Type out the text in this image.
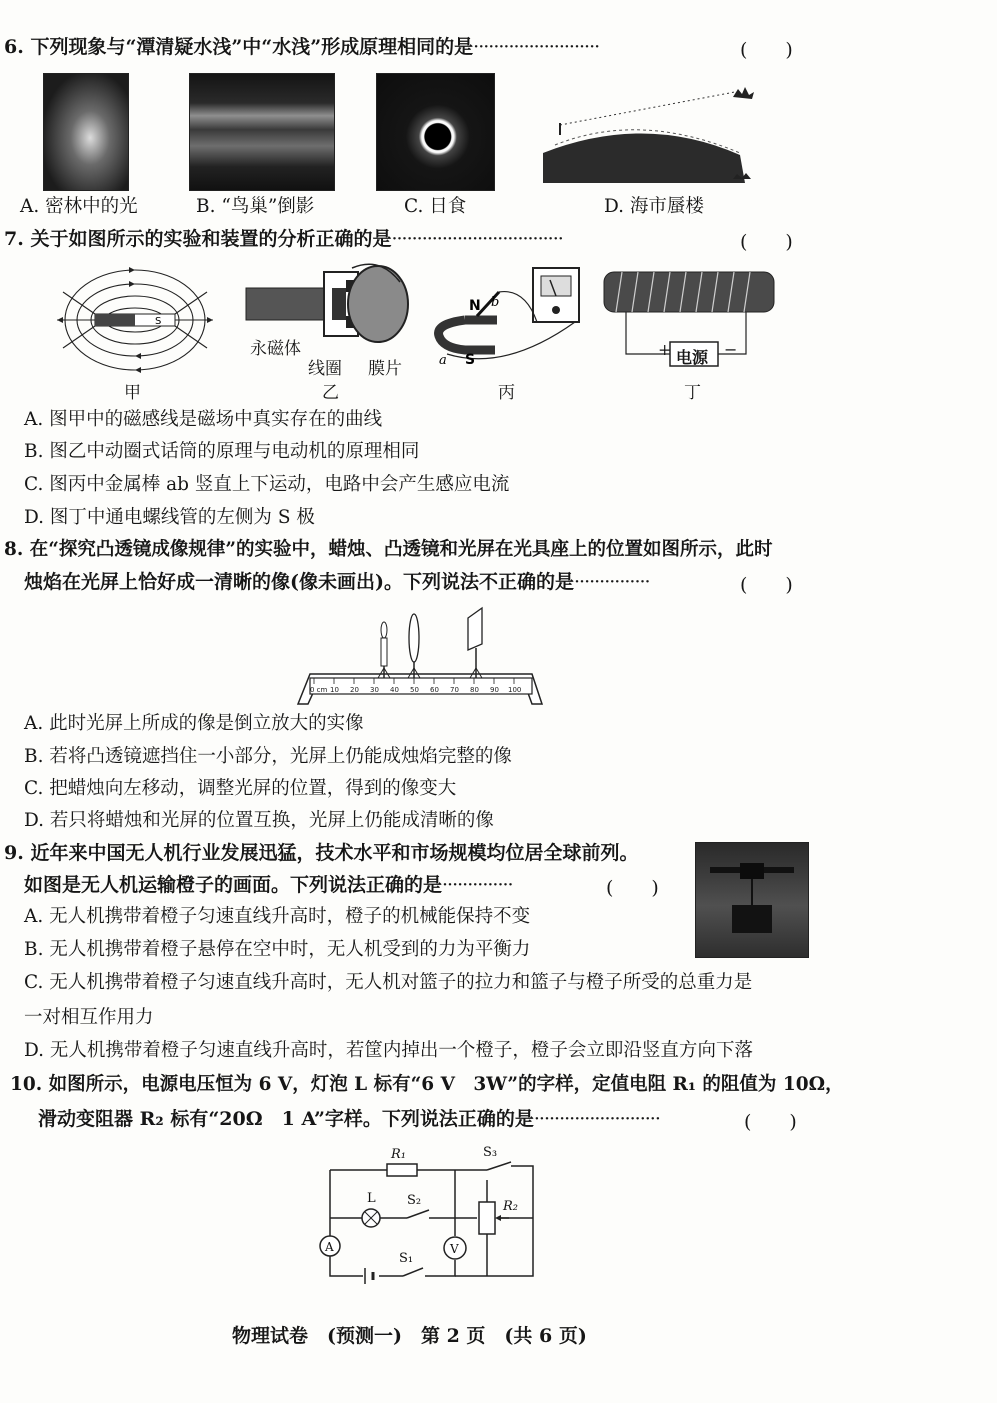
6. 下列现象与“潭清疑水浅”中“水浅”形成原理相同的是·························	(　　)
A. 密林中的光	B. “鸟巢”倒影	C. 日食	D. 海市蜃楼
7. 关于如图所示的实验和装置的分析正确的是··································	(　　)
S
甲
永磁体
线圈 膜片
乙
N b
a S
丙
+	−
电源
丁
A. 图甲中的磁感线是磁场中真实存在的曲线
B. 图乙中动圈式话筒的原理与电动机的原理相同
C. 图丙中金属棒 ab 竖直上下运动，电路中会产生感应电流
D. 图丁中通电螺线管的左侧为 S 极
8. 在“探究凸透镜成像规律”的实验中，蜡烛、凸透镜和光屏在光具座上的位置如图所示，此时
烛焰在光屏上恰好成一清晰的像(像未画出)。下列说法不正确的是···············	(　　)
0 cm 10 20 30 40 50 60 70 80 90 100
A. 此时光屏上所成的像是倒立放大的实像
B. 若将凸透镜遮挡住一小部分，光屏上仍能成烛焰完整的像
C. 把蜡烛向左移动，调整光屏的位置，得到的像变大
D. 若只将蜡烛和光屏的位置互换，光屏上仍能成清晰的像
9. 近年来中国无人机行业发展迅猛，技术水平和市场规模均位居全球前列。
如图是无人机运输橙子的画面。下列说法正确的是··············	(　　)
A. 无人机携带着橙子匀速直线升高时，橙子的机械能保持不变
B. 无人机携带着橙子悬停在空中时，无人机受到的力为平衡力
C. 无人机携带着橙子匀速直线升高时，无人机对篮子的拉力和篮子与橙子所受的总重力是
一对相互作用力
D. 无人机携带着橙子匀速直线升高时，若筐内掉出一个橙子，橙子会立即沿竖直方向下落
10. 如图所示，电源电压恒为 6 V，灯泡 L 标有“6 V　3W”的字样，定值电阻 R₁ 的阻值为 10Ω，
滑动变阻器 R₂ 标有“20Ω　1 A”字样。下列说法正确的是·························	(　　)
A	V
R₁
R₂
L S₂
S₁
S₃
物理试卷　(预测一)　第 2 页　(共 6 页)
